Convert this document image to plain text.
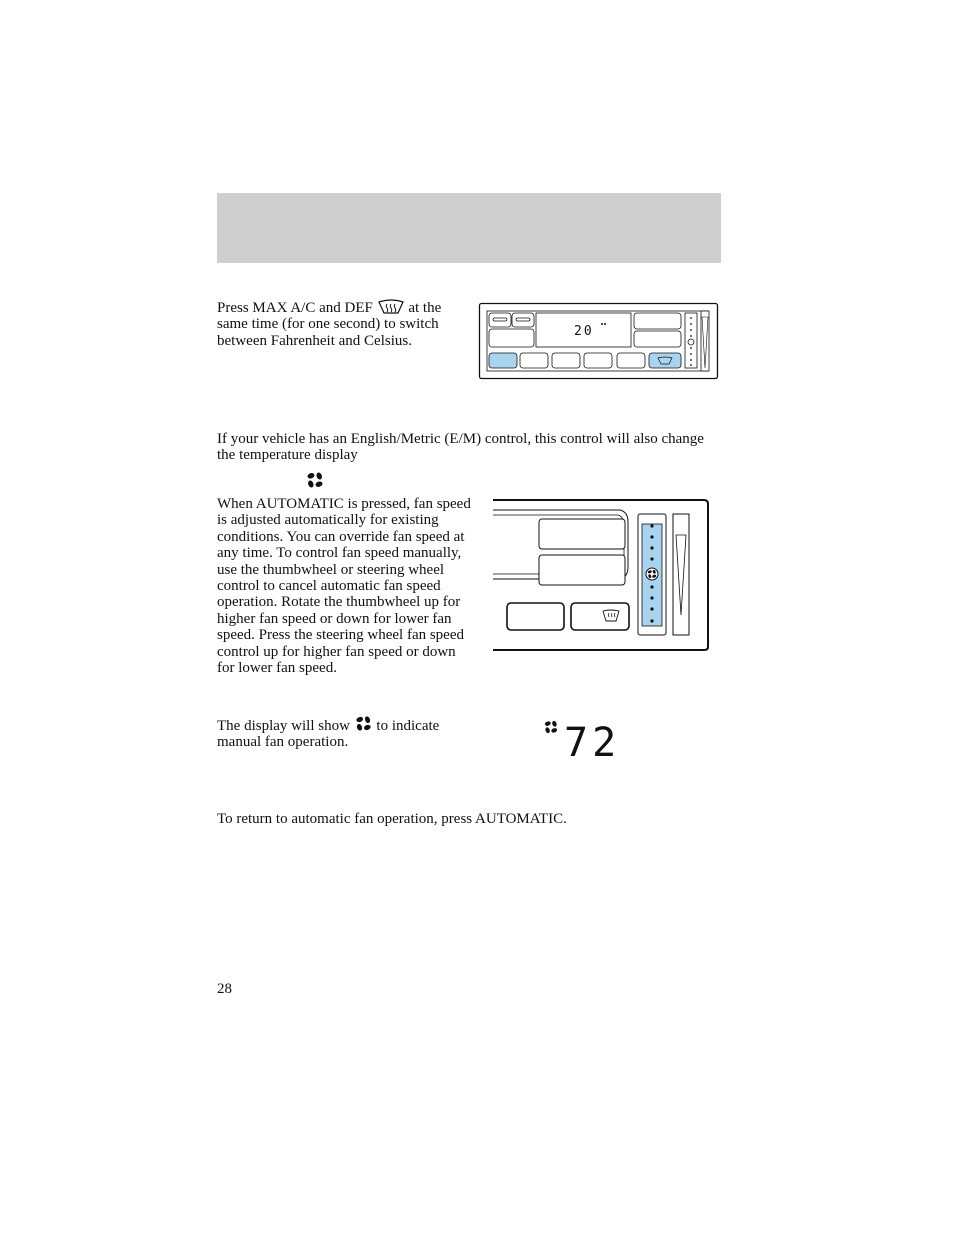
Press MAX A/C and DEF at the same time (for one second) to switch between Fahrenheit and Celsius.

20

If your vehicle has an English/Metric (E/M) control, this control will also change the temperature display

When AUTOMATIC is pressed, fan speed is adjusted automatically for existing conditions. You can override fan speed at any time. To control fan speed manually, use the thumbwheel or steering wheel control to cancel automatic fan speed operation. Rotate the thumbwheel up for higher fan speed or down for lower fan speed. Press the steering wheel fan speed control up for higher fan speed or down for lower fan speed.

The display will show to indicate manual fan operation.	72

To return to automatic fan operation, press AUTOMATIC.

28
